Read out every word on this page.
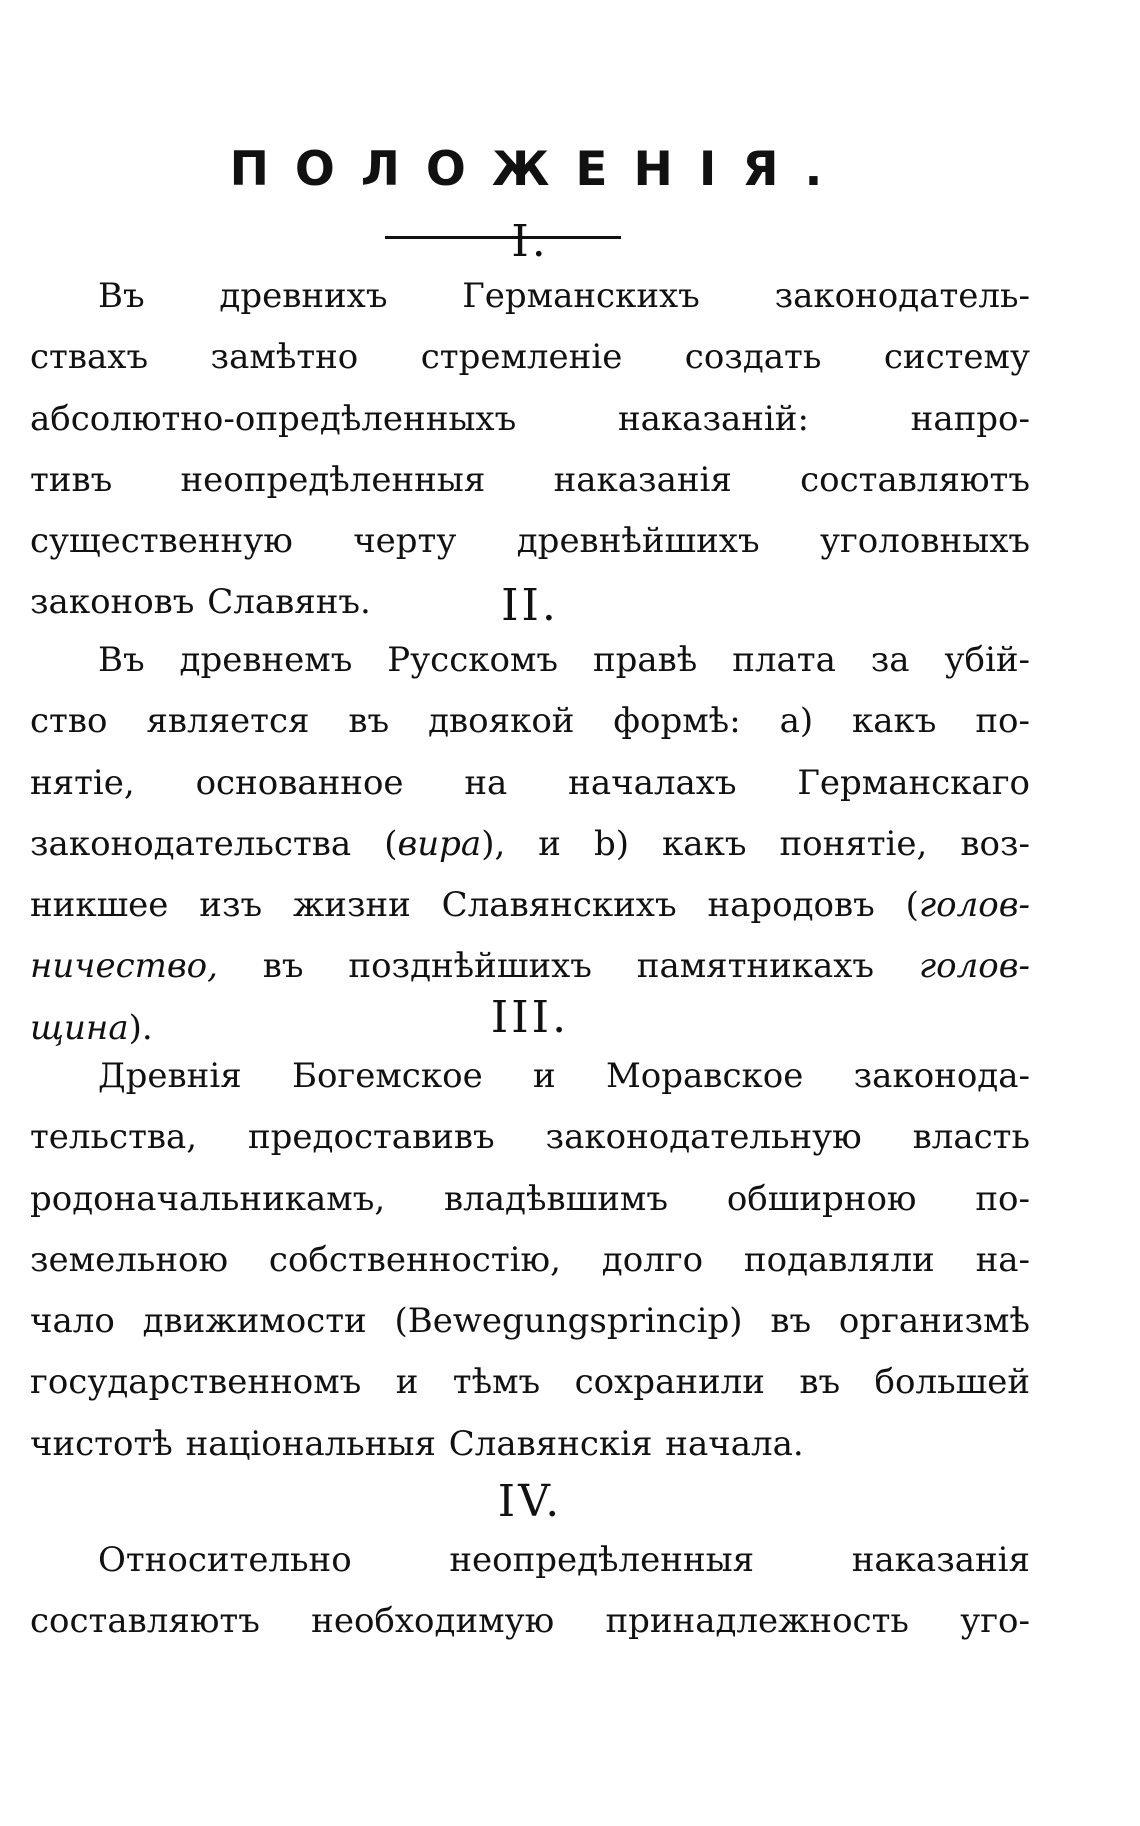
ПОЛОЖЕНІЯ.
I.
Въ древнихъ Германскихъ законодатель-
ствахъ замѣтно стремленіе создать систему
абсолютно-опредѣленныхъ наказаній: напро-
тивъ неопредѣленныя наказанія составляютъ
существенную черту древнѣйшихъ уголовныхъ
законовъ Славянъ.	II.
Въ древнемъ Русскомъ правѣ плата за убій-
ство является въ двоякой формѣ: а) какъ по-
нятіе, основанное на началахъ Германскаго
законодательства (вира), и b) какъ понятіе, воз-
никшее изъ жизни Славянскихъ народовъ (голов-
ничество, въ позднѣйшихъ памятникахъ голов-
щина).	III.
Древнія Богемское и Моравское законода-
тельства, предоставивъ законодательную власть
родоначальникамъ, владѣвшимъ обширною по-
земельною собственностію, долго подавляли на-
чало движимости (Bewegungsprincip) въ организмѣ
государственномъ и тѣмъ сохранили въ большей
чистотѣ національныя Славянскія начала.
IV.
Относительно неопредѣленныя наказанія
составляютъ необходимую принадлежность уго-
